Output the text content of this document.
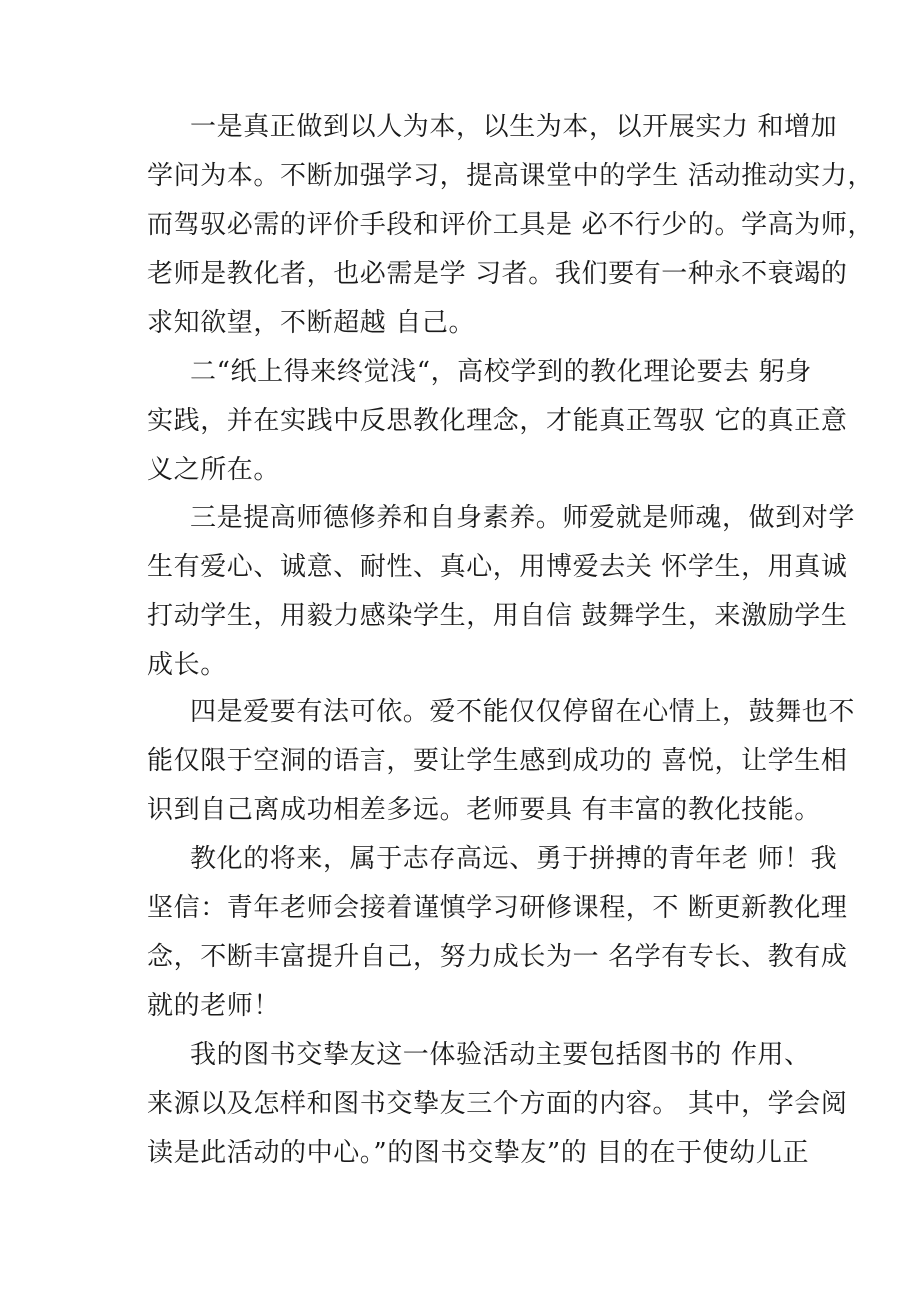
一是真正做到以人为本，以生为本，以开展实力 和增加
学问为本。不断加强学习，提高课堂中的学生 活动推动实力，
而驾驭必需的评价手段和评价工具是 必不行少的。学高为师，
老师是教化者，也必需是学 习者。我们要有一种永不衰竭的
求知欲望，不断超越 自己。
二“纸上得来终觉浅“，高校学到的教化理论要去 躬身
实践，并在实践中反思教化理念，才能真正驾驭 它的真正意
义之所在。
三是提高师德修养和自身素养。师爱就是师魂，做到对学
生有爱心、诚意、耐性、真心，用博爱去关 怀学生，用真诚
打动学生，用毅力感染学生，用自信 鼓舞学生，来激励学生
成长。
四是爱要有法可依。爱不能仅仅停留在心情上，鼓舞也不
能仅限于空洞的语言，要让学生感到成功的 喜悦，让学生相
识到自己离成功相差多远。老师要具 有丰富的教化技能。
教化的将来，属于志存高远、勇于拼搏的青年老 师！我
坚信：青年老师会接着谨慎学习研修课程，不 断更新教化理
念，不断丰富提升自己，努力成长为一 名学有专长、教有成
就的老师！
我的图书交挚友这一体验活动主要包括图书的 作用、
来源以及怎样和图书交挚友三个方面的内容。 其中，学会阅
读是此活动的中心。”的图书交挚友”的 目的在于使幼儿正
